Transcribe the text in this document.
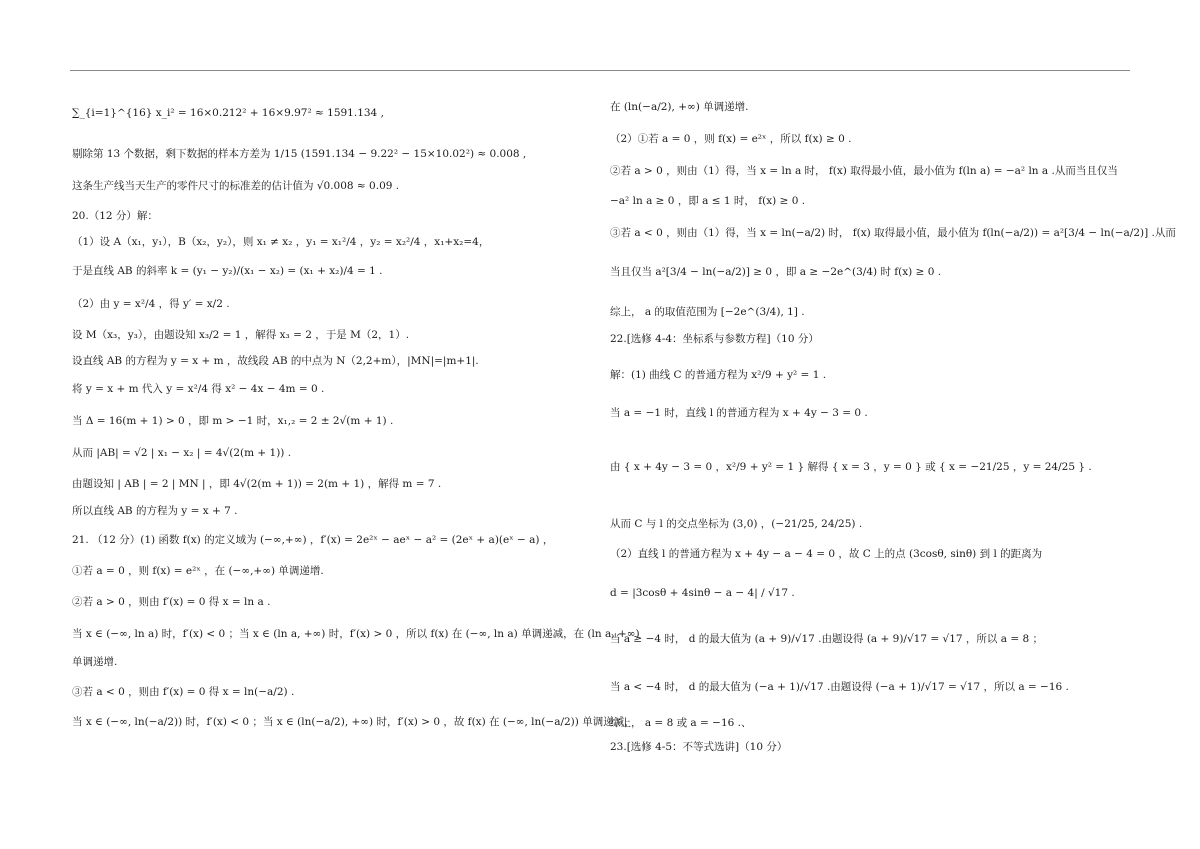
∑_{i=1}^{16} x_i² = 16×0.212² + 16×9.97² ≈ 1591.134 ,
剔除第 13 个数据，剩下数据的样本方差为 1/15 (1591.134 − 9.22² − 15×10.02²) ≈ 0.008 ,
这条生产线当天生产的零件尺寸的标准差的估计值为 √0.008 ≈ 0.09 .
20.（12 分）解：
（1）设 A（x₁，y₁），B（x₂，y₂），则 x₁ ≠ x₂ ，y₁ = x₁²/4 ，y₂ = x₂²/4 ，x₁+x₂=4，
于是直线 AB 的斜率 k = (y₁ − y₂)/(x₁ − x₂) = (x₁ + x₂)/4 = 1 .
（2）由 y = x²/4 ，得 y′ = x/2 .
设 M（x₃，y₃），由题设知 x₃/2 = 1 ，解得 x₃ = 2 ，于是 M（2，1）.
设直线 AB 的方程为 y = x + m ，故线段 AB 的中点为 N（2,2+m），|MN|=|m+1|.
将 y = x + m 代入 y = x²/4 得 x² − 4x − 4m = 0 .
当 Δ = 16(m + 1) > 0 ，即 m > −1 时，x₁,₂ = 2 ± 2√(m + 1) .
从而 |AB| = √2 | x₁ − x₂ | = 4√(2(m + 1)) .
由题设知 | AB | = 2 | MN | ，即 4√(2(m + 1)) = 2(m + 1) ，解得 m = 7 .
所以直线 AB 的方程为 y = x + 7 .
21. （12 分）(1) 函数 f(x) 的定义域为 (−∞,+∞) ，f′(x) = 2e²ˣ − aeˣ − a² = (2eˣ + a)(eˣ − a) ，
①若 a = 0 ，则 f(x) = e²ˣ ，在 (−∞,+∞) 单调递增.
②若 a > 0 ，则由 f′(x) = 0 得 x = ln a .
当 x ∈ (−∞, ln a) 时，f′(x) < 0 ；当 x ∈ (ln a, +∞) 时，f′(x) > 0 ，所以 f(x) 在 (−∞, ln a) 单调递减，在 (ln a, +∞)
单调递增.
③若 a < 0 ，则由 f′(x) = 0 得 x = ln(−a/2) .
当 x ∈ (−∞, ln(−a/2)) 时，f′(x) < 0 ；当 x ∈ (ln(−a/2), +∞) 时，f′(x) > 0 ，故 f(x) 在 (−∞, ln(−a/2)) 单调递减，
在 (ln(−a/2), +∞) 单调递增.
（2）①若 a = 0 ，则 f(x) = e²ˣ ，所以 f(x) ≥ 0 .
②若 a > 0 ，则由（1）得，当 x = ln a 时， f(x) 取得最小值，最小值为 f(ln a) = −a² ln a .从而当且仅当
−a² ln a ≥ 0 ，即 a ≤ 1 时， f(x) ≥ 0 .
③若 a < 0 ，则由（1）得，当 x = ln(−a/2) 时， f(x) 取得最小值，最小值为 f(ln(−a/2)) = a²[3/4 − ln(−a/2)] .从而
当且仅当 a²[3/4 − ln(−a/2)] ≥ 0 ，即 a ≥ −2e^(3/4) 时 f(x) ≥ 0 .
综上， a 的取值范围为 [−2e^(3/4), 1] .
22.[选修 4-4：坐标系与参数方程]（10 分）
解：(1) 曲线 C 的普通方程为 x²/9 + y² = 1 .
当 a = −1 时，直线 l 的普通方程为 x + 4y − 3 = 0 .
由 { x + 4y − 3 = 0 ，x²/9 + y² = 1 } 解得 { x = 3 ，y = 0 } 或 { x = −21/25 ，y = 24/25 } .
从而 C 与 l 的交点坐标为 (3,0) ，(−21/25, 24/25) .
（2）直线 l 的普通方程为 x + 4y − a − 4 = 0 ，故 C 上的点 (3cosθ, sinθ) 到 l 的距离为
d = |3cosθ + 4sinθ − a − 4| / √17 .
当 a ≥ −4 时， d 的最大值为 (a + 9)/√17 .由题设得 (a + 9)/√17 = √17 ，所以 a = 8 ；
当 a < −4 时， d 的最大值为 (−a + 1)/√17 .由题设得 (−a + 1)/√17 = √17 ，所以 a = −16 .
综上， a = 8 或 a = −16 .、
23.[选修 4-5：不等式选讲]（10 分）
